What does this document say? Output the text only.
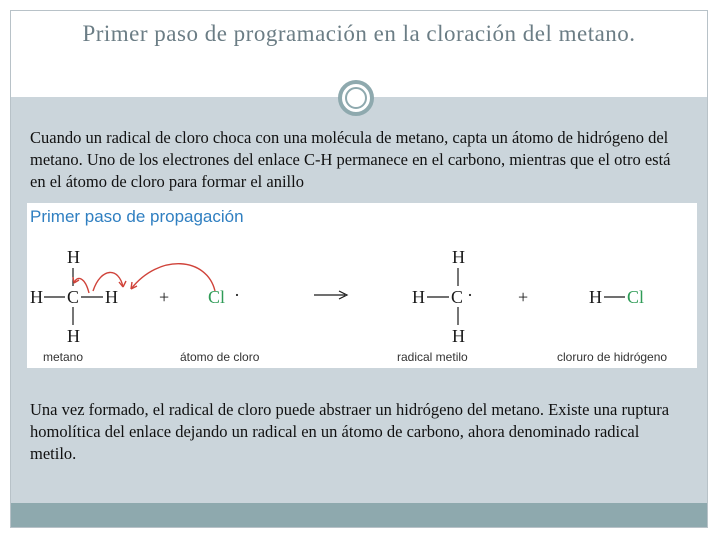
Primer paso de programación en la cloración del metano.

Cuando un radical de cloro choca con una molécula de metano, capta un átomo de hidrógeno del metano. Uno de los electrones del enlace C-H permanece en el carbono, mientras que el otro está en el átomo de cloro para formar el anillo

Primer paso de propagación

H
H C H
H
+ Cl ·
H
H C ·
H
+	H Cl
metano	átomo de cloro	radical metilo	cloruro de hidrógeno

Una vez formado, el radical de cloro puede abstraer un hidrógeno del metano. Existe una ruptura homolítica del enlace dejando un radical en un átomo de carbono, ahora denominado radical metilo.
